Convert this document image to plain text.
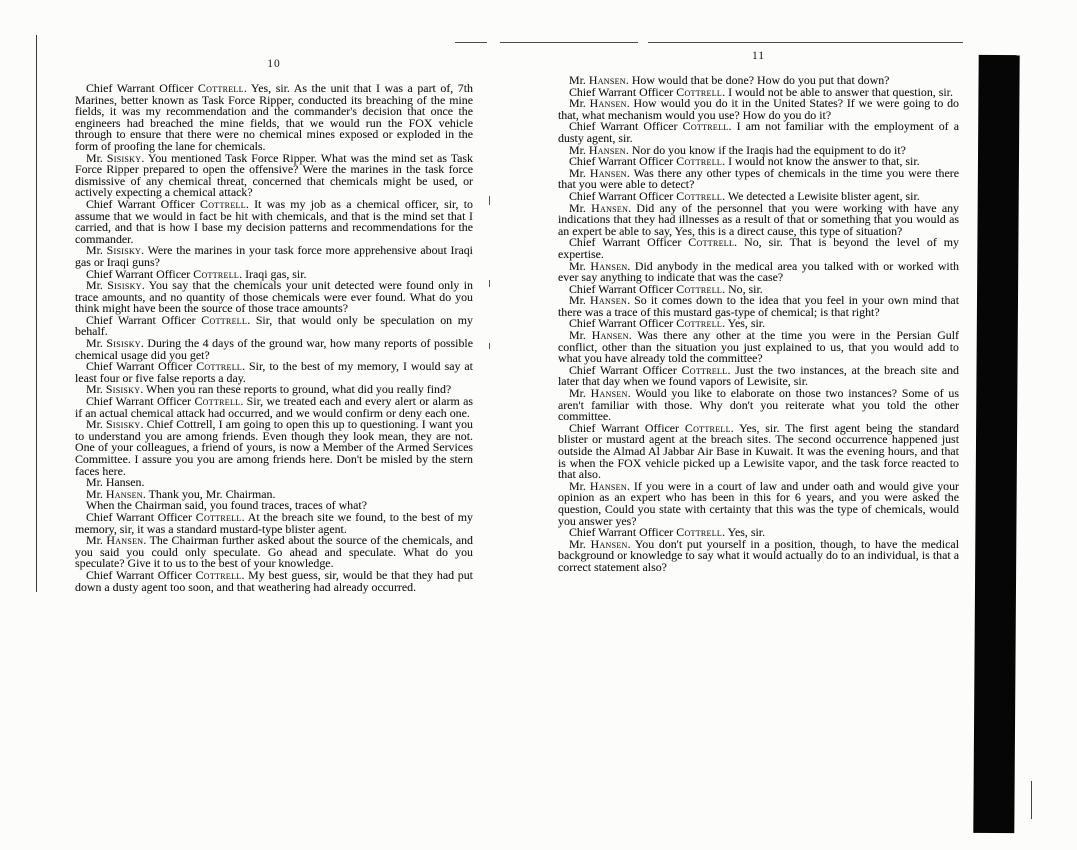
10

Chief Warrant Officer Cottrell. Yes, sir. As the unit that I was a part of, 7th Marines, better known as Task Force Ripper, conducted its breaching of the mine fields, it was my recommendation and the commander's decision that once the engineers had breached the mine fields, that we would run the FOX vehicle through to ensure that there were no chemical mines exposed or exploded in the form of proofing the lane for chemicals.

Mr. Sisisky. You mentioned Task Force Ripper. What was the mind set as Task Force Ripper prepared to open the offensive? Were the marines in the task force dismissive of any chemical threat, concerned that chemicals might be used, or actively expecting a chemical attack?

Chief Warrant Officer Cottrell. It was my job as a chemical officer, sir, to assume that we would in fact be hit with chemicals, and that is the mind set that I carried, and that is how I base my decision patterns and recommendations for the commander.

Mr. Sisisky. Were the marines in your task force more apprehensive about Iraqi gas or Iraqi guns?

Chief Warrant Officer Cottrell. Iraqi gas, sir.

Mr. Sisisky. You say that the chemicals your unit detected were found only in trace amounts, and no quantity of those chemicals were ever found. What do you think might have been the source of those trace amounts?

Chief Warrant Officer Cottrell. Sir, that would only be speculation on my behalf.

Mr. Sisisky. During the 4 days of the ground war, how many reports of possible chemical usage did you get?

Chief Warrant Officer Cottrell. Sir, to the best of my memory, I would say at least four or five false reports a day.

Mr. Sisisky. When you ran these reports to ground, what did you really find?

Chief Warrant Officer Cottrell. Sir, we treated each and every alert or alarm as if an actual chemical attack had occurred, and we would confirm or deny each one.

Mr. Sisisky. Chief Cottrell, I am going to open this up to questioning. I want you to understand you are among friends. Even though they look mean, they are not. One of your colleagues, a friend of yours, is now a Member of the Armed Services Committee. I assure you you are among friends here. Don't be misled by the stern faces here.

Mr. Hansen.

Mr. Hansen. Thank you, Mr. Chairman.

When the Chairman said, you found traces, traces of what?

Chief Warrant Officer Cottrell. At the breach site we found, to the best of my memory, sir, it was a standard mustard-type blister agent.

Mr. Hansen. The Chairman further asked about the source of the chemicals, and you said you could only speculate. Go ahead and speculate. What do you speculate? Give it to us to the best of your knowledge.

Chief Warrant Officer Cottrell. My best guess, sir, would be that they had put down a dusty agent too soon, and that weathering had already occurred.

11

Mr. Hansen. How would that be done? How do you put that down?

Chief Warrant Officer Cottrell. I would not be able to answer that question, sir.

Mr. Hansen. How would you do it in the United States? If we were going to do that, what mechanism would you use? How do you do it?

Chief Warrant Officer Cottrell. I am not familiar with the employment of a dusty agent, sir.

Mr. Hansen. Nor do you know if the Iraqis had the equipment to do it?

Chief Warrant Officer Cottrell. I would not know the answer to that, sir.

Mr. Hansen. Was there any other types of chemicals in the time you were there that you were able to detect?

Chief Warrant Officer Cottrell. We detected a Lewisite blister agent, sir.

Mr. Hansen. Did any of the personnel that you were working with have any indications that they had illnesses as a result of that or something that you would as an expert be able to say, Yes, this is a direct cause, this type of situation?

Chief Warrant Officer Cottrell. No, sir. That is beyond the level of my expertise.

Mr. Hansen. Did anybody in the medical area you talked with or worked with ever say anything to indicate that was the case?

Chief Warrant Officer Cottrell. No, sir.

Mr. Hansen. So it comes down to the idea that you feel in your own mind that there was a trace of this mustard gas-type of chemical; is that right?

Chief Warrant Officer Cottrell. Yes, sir.

Mr. Hansen. Was there any other at the time you were in the Persian Gulf conflict, other than the situation you just explained to us, that you would add to what you have already told the committee?

Chief Warrant Officer Cottrell. Just the two instances, at the breach site and later that day when we found vapors of Lewisite, sir.

Mr. Hansen. Would you like to elaborate on those two instances? Some of us aren't familiar with those. Why don't you reiterate what you told the other committee.

Chief Warrant Officer Cottrell. Yes, sir. The first agent being the standard blister or mustard agent at the breach sites. The second occurrence happened just outside the Almad Al Jabbar Air Base in Kuwait. It was the evening hours, and that is when the FOX vehicle picked up a Lewisite vapor, and the task force reacted to that also.

Mr. Hansen. If you were in a court of law and under oath and would give your opinion as an expert who has been in this for 6 years, and you were asked the question, Could you state with certainty that this was the type of chemicals, would you answer yes?

Chief Warrant Officer Cottrell. Yes, sir.

Mr. Hansen. You don't put yourself in a position, though, to have the medical background or knowledge to say what it would actually do to an individual, is that a correct statement also?
